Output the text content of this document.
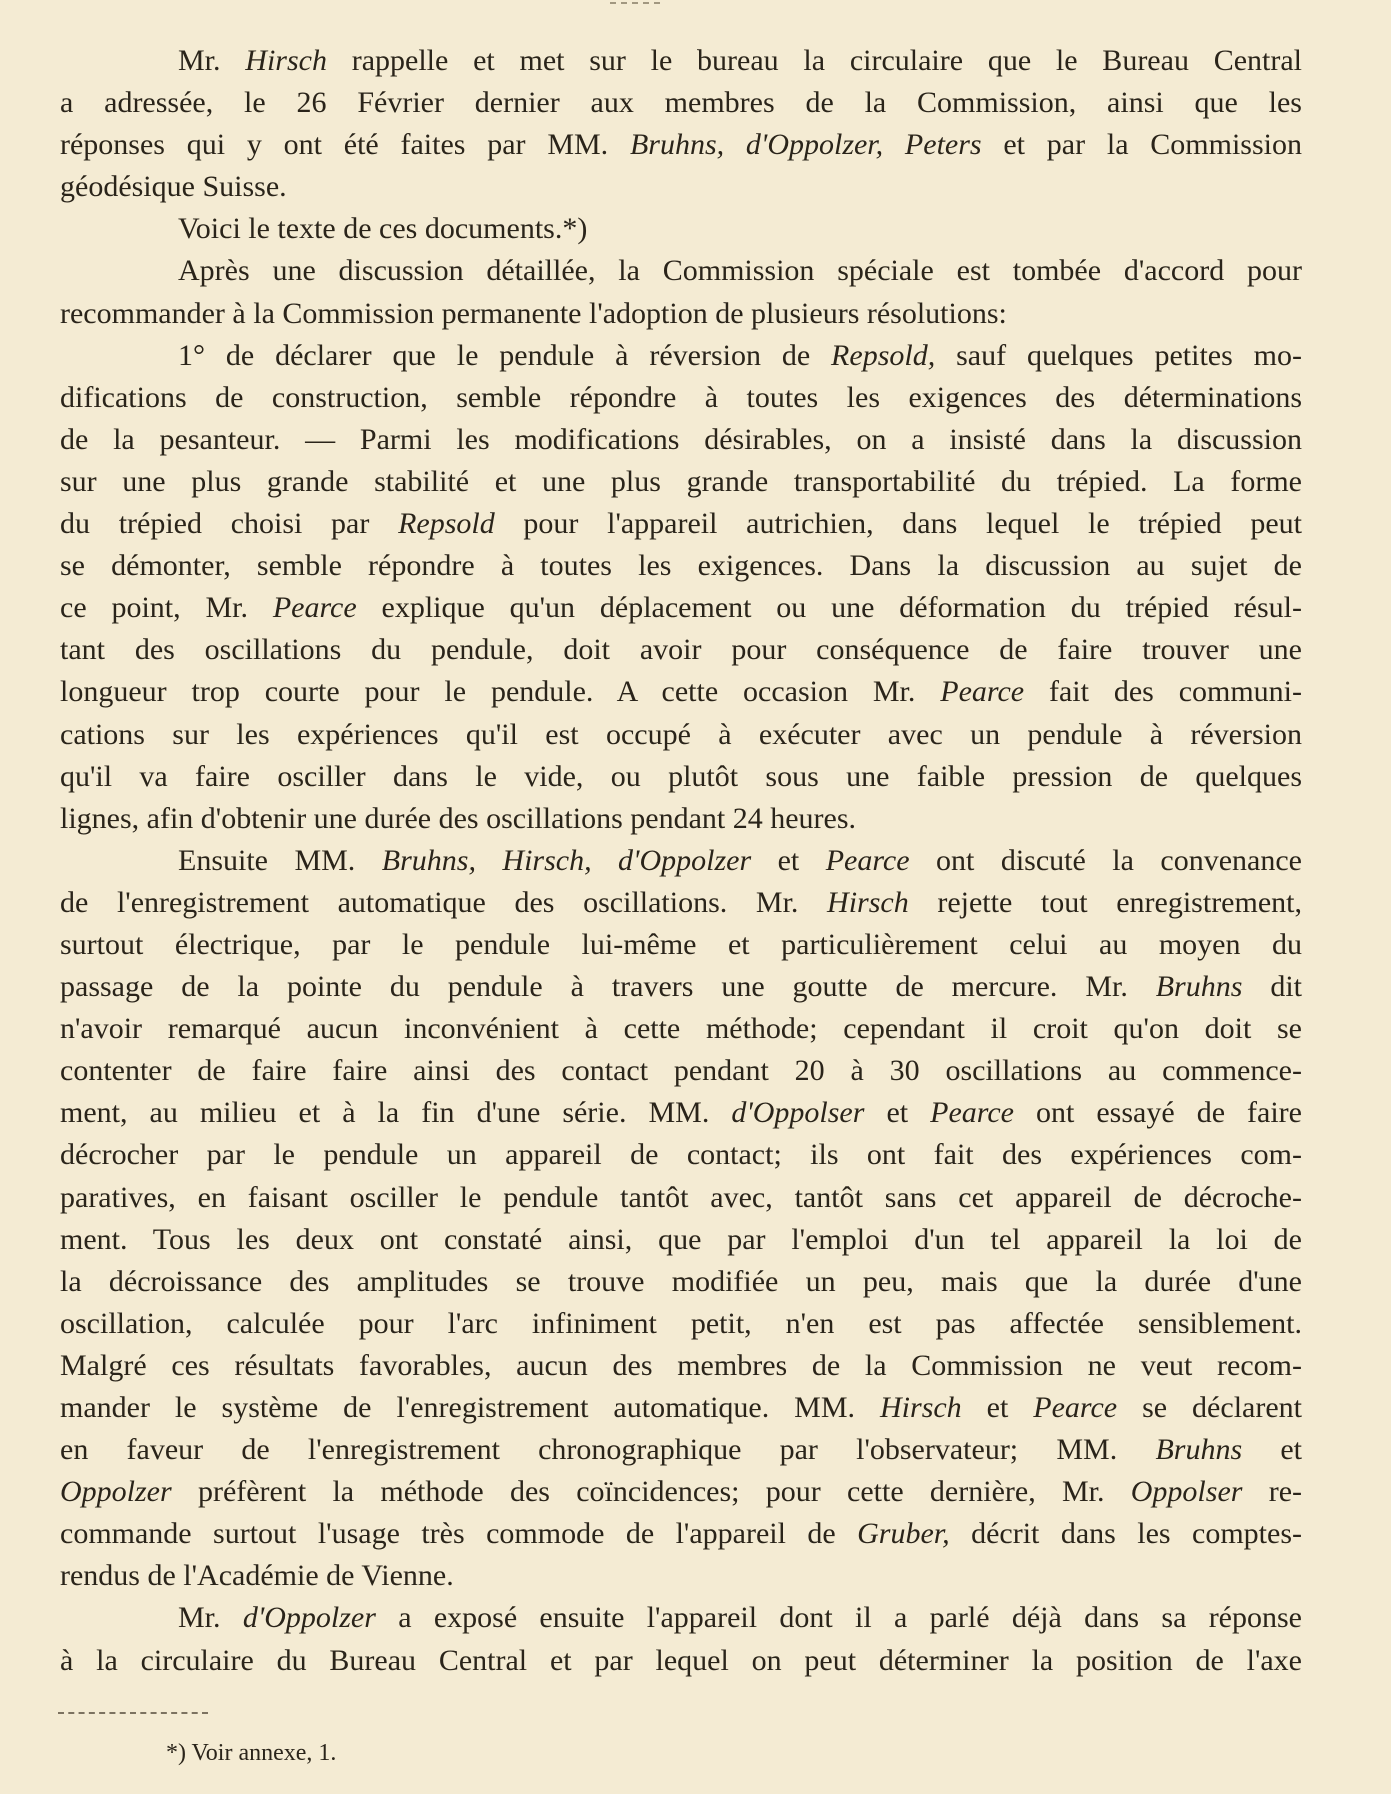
Mr. Hirsch rappelle et met sur le bureau la circulaire que le Bureau Central
a adressée, le 26 Février dernier aux membres de la Commission, ainsi que les
réponses qui y ont été faites par MM. Bruhns, d'Oppolzer, Peters et par la Commission
géodésique Suisse.
Voici le texte de ces documents.*)
Après une discussion détaillée, la Commission spéciale est tombée d'accord pour
recommander à la Commission permanente l'adoption de plusieurs résolutions:
1° de déclarer que le pendule à réversion de Repsold, sauf quelques petites mo-
difications de construction, semble répondre à toutes les exigences des déterminations
de la pesanteur. — Parmi les modifications désirables, on a insisté dans la discussion
sur une plus grande stabilité et une plus grande transportabilité du trépied. La forme
du trépied choisi par Repsold pour l'appareil autrichien, dans lequel le trépied peut
se démonter, semble répondre à toutes les exigences. Dans la discussion au sujet de
ce point, Mr. Pearce explique qu'un déplacement ou une déformation du trépied résul-
tant des oscillations du pendule, doit avoir pour conséquence de faire trouver une
longueur trop courte pour le pendule. A cette occasion Mr. Pearce fait des communi-
cations sur les expériences qu'il est occupé à exécuter avec un pendule à réversion
qu'il va faire osciller dans le vide, ou plutôt sous une faible pression de quelques
lignes, afin d'obtenir une durée des oscillations pendant 24 heures.
Ensuite MM. Bruhns, Hirsch, d'Oppolzer et Pearce ont discuté la convenance
de l'enregistrement automatique des oscillations. Mr. Hirsch rejette tout enregistrement,
surtout électrique, par le pendule lui-même et particulièrement celui au moyen du
passage de la pointe du pendule à travers une goutte de mercure. Mr. Bruhns dit
n'avoir remarqué aucun inconvénient à cette méthode; cependant il croit qu'on doit se
contenter de faire faire ainsi des contact pendant 20 à 30 oscillations au commence-
ment, au milieu et à la fin d'une série. MM. d'Oppolser et Pearce ont essayé de faire
décrocher par le pendule un appareil de contact; ils ont fait des expériences com-
paratives, en faisant osciller le pendule tantôt avec, tantôt sans cet appareil de décroche-
ment. Tous les deux ont constaté ainsi, que par l'emploi d'un tel appareil la loi de
la décroissance des amplitudes se trouve modifiée un peu, mais que la durée d'une
oscillation, calculée pour l'arc infiniment petit, n'en est pas affectée sensiblement.
Malgré ces résultats favorables, aucun des membres de la Commission ne veut recom-
mander le système de l'enregistrement automatique. MM. Hirsch et Pearce se déclarent
en faveur de l'enregistrement chronographique par l'observateur; MM. Bruhns et
Oppolzer préfèrent la méthode des coïncidences; pour cette dernière, Mr. Oppolser re-
commande surtout l'usage très commode de l'appareil de Gruber, décrit dans les comptes-
rendus de l'Académie de Vienne.
Mr. d'Oppolzer a exposé ensuite l'appareil dont il a parlé déjà dans sa réponse
à la circulaire du Bureau Central et par lequel on peut déterminer la position de l'axe
*) Voir annexe, 1.
